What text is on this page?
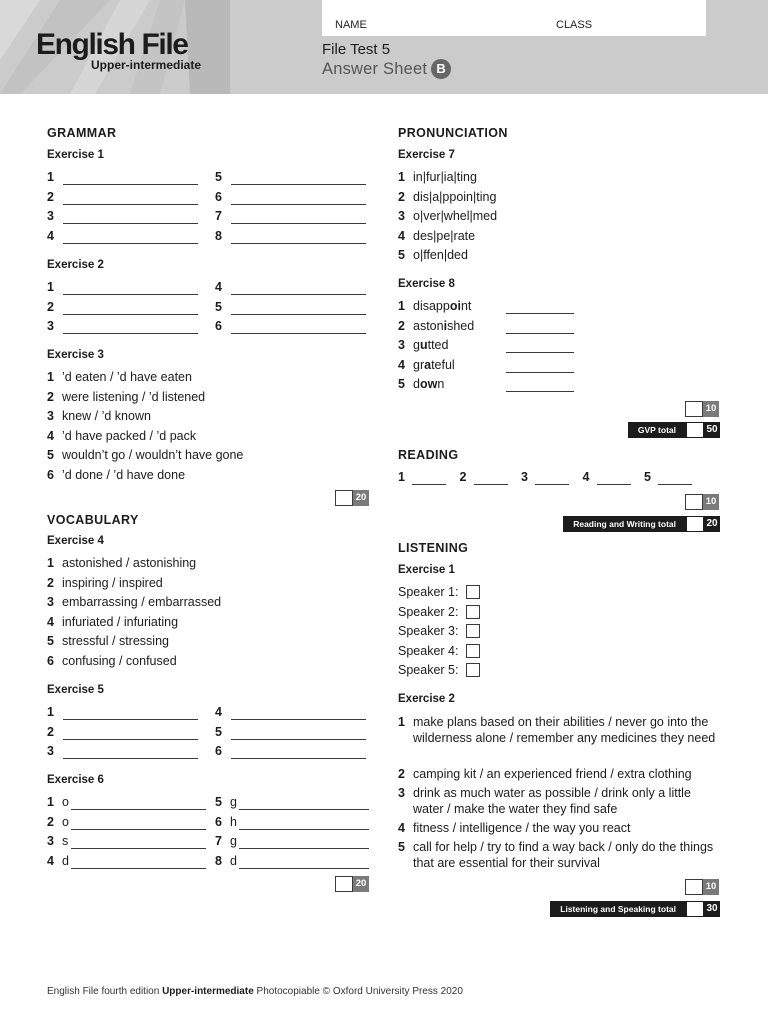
English File
Upper-intermediate
NAME	CLASS
File Test 5
Answer Sheet B
GRAMMAR
Exercise 1
1
2
3
4
5
6
7
8
Exercise 2
1
2
3
4
5
6
Exercise 3
1 ’d eaten / ’d have eaten
2 were listening / ’d listened
3 knew / ’d known
4 ’d have packed / ’d pack
5 wouldn’t go / wouldn’t have gone
6 ’d done / ’d have done
20
VOCABULARY
Exercise 4
1 astonished / astonishing
2 inspiring / inspired
3 embarrassing / embarrassed
4 infuriated / infuriating
5 stressful / stressing
6 confusing / confused
Exercise 5
1
2
3
4
5
6
Exercise 6
1 o
2 o
3 s
4 d
5 g
6 h
7 g
8 d
20
PRONUNCIATION
Exercise 7
1 in|fur|ia|ting
2 dis|a|ppoin|ting
3 o|ver|whel|med
4 des|pe|rate
5 o|ffen|ded
Exercise 8
1 disappoint
2 astonished
3 gutted
4 grateful
5 down
10
GVP total	50
READING
1	2	3	4	5
10
Reading and Writing total	20
LISTENING
Exercise 1
Speaker 1:
Speaker 2:
Speaker 3:
Speaker 4:
Speaker 5:
Exercise 2
1 make plans based on their abilities / never go into the wilderness alone / remember any medicines they need
2 camping kit / an experienced friend / extra clothing
3 drink as much water as possible / drink only a little water / make the water they find safe
4 fitness / intelligence / the way you react
5 call for help / try to find a way back / only do the things that are essential for their survival
10
Listening and Speaking total	30
English File fourth edition Upper-intermediate Photocopiable © Oxford University Press 2020
